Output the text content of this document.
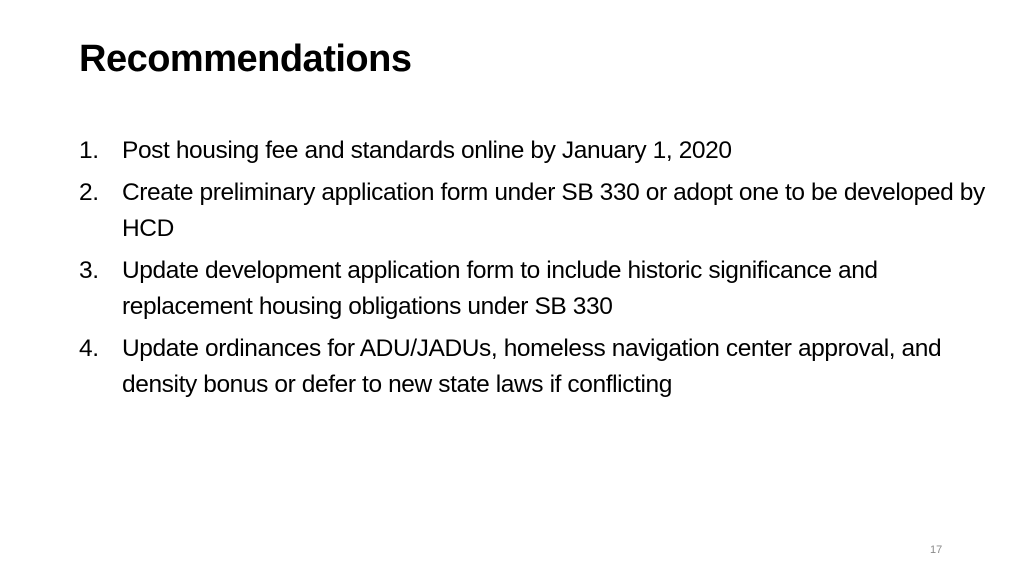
Recommendations
1. Post housing fee and standards online by January 1, 2020
2. Create preliminary application form under SB 330 or adopt one to be developed by HCD
3. Update development application form to include historic significance and replacement housing obligations under SB 330
4. Update ordinances for ADU/JADUs, homeless navigation center approval, and density bonus or defer to new state laws if conflicting
17
